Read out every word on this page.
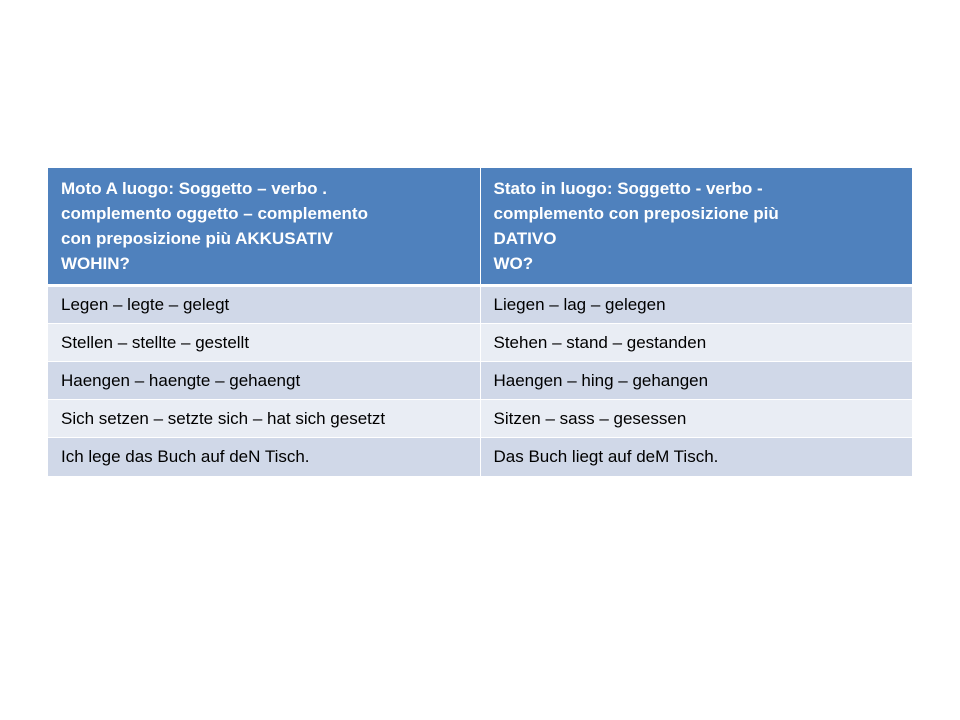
Moto A luogo: Soggetto – verbo .
complemento oggetto – complemento
con preposizione più AKKUSATIV
WOHIN?	Stato in luogo: Soggetto - verbo -
complemento con preposizione più
DATIVO
WO?

Legen – legte – gelegt	Liegen – lag – gelegen
Stellen – stellte – gestellt	Stehen – stand – gestanden
Haengen – haengte – gehaengt	Haengen – hing – gehangen
Sich setzen – setzte sich – hat sich gesetzt	Sitzen – sass – gesessen
Ich lege das Buch auf deN Tisch.	Das Buch liegt auf deM Tisch.
